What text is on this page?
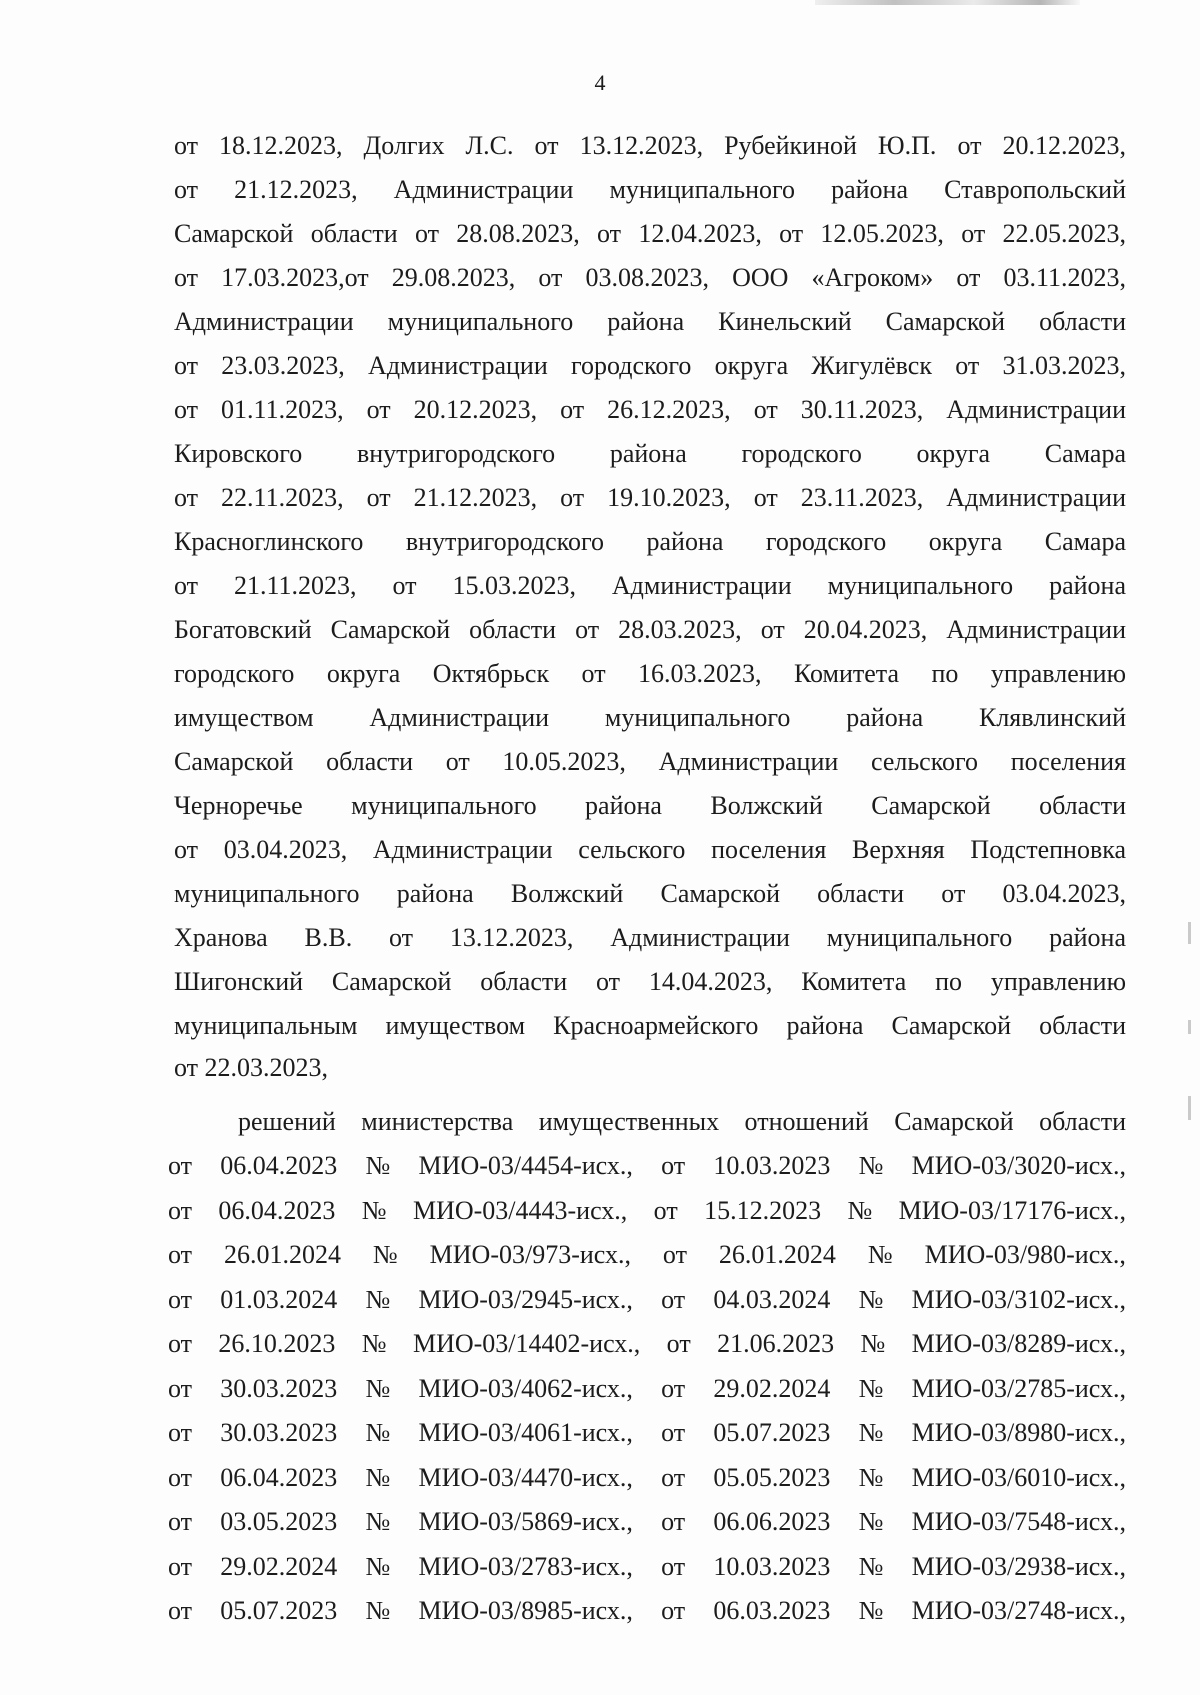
4
от 18.12.2023, Долгих Л.С. от 13.12.2023, Рубейкиной Ю.П. от 20.12.2023,
от 21.12.2023, Администрации муниципального района Ставропольский
Самарской области от 28.08.2023, от 12.04.2023, от 12.05.2023, от 22.05.2023,
от 17.03.2023,от 29.08.2023, от 03.08.2023, ООО «Агроком» от 03.11.2023,
Администрации муниципального района Кинельский Самарской области
от 23.03.2023, Администрации городского округа Жигулёвск от 31.03.2023,
от 01.11.2023, от 20.12.2023, от 26.12.2023, от 30.11.2023, Администрации
Кировского внутригородского района городского округа Самара
от 22.11.2023, от 21.12.2023, от 19.10.2023, от 23.11.2023, Администрации
Красноглинского внутригородского района городского округа Самара
от 21.11.2023, от 15.03.2023, Администрации муниципального района
Богатовский Самарской области от 28.03.2023, от 20.04.2023, Администрации
городского округа Октябрьск от 16.03.2023, Комитета по управлению
имуществом Администрации муниципального района Клявлинский
Самарской области от 10.05.2023, Администрации сельского поселения
Черноречье муниципального района Волжский Самарской области
от 03.04.2023, Администрации сельского поселения Верхняя Подстепновка
муниципального района Волжский Самарской области от 03.04.2023,
Хранова В.В. от 13.12.2023, Администрации муниципального района
Шигонский Самарской области от 14.04.2023, Комитета по управлению
муниципальным имуществом Красноармейского района Самарской области
от 22.03.2023,
решений министерства имущественных отношений Самарской области
от 06.04.2023 № МИО-03/4454-исх., от 10.03.2023 № МИО-03/3020-исх.,
от 06.04.2023 № МИО-03/4443-исх., от 15.12.2023 № МИО-03/17176-исх.,
от 26.01.2024 № МИО-03/973-исх., от 26.01.2024 № МИО-03/980-исх.,
от 01.03.2024 № МИО-03/2945-исх., от 04.03.2024 № МИО-03/3102-исх.,
от 26.10.2023 № МИО-03/14402-исх., от 21.06.2023 № МИО-03/8289-исх.,
от 30.03.2023 № МИО-03/4062-исх., от 29.02.2024 № МИО-03/2785-исх.,
от 30.03.2023 № МИО-03/4061-исх., от 05.07.2023 № МИО-03/8980-исх.,
от 06.04.2023 № МИО-03/4470-исх., от 05.05.2023 № МИО-03/6010-исх.,
от 03.05.2023 № МИО-03/5869-исх., от 06.06.2023 № МИО-03/7548-исх.,
от 29.02.2024 № МИО-03/2783-исх., от 10.03.2023 № МИО-03/2938-исх.,
от 05.07.2023 № МИО-03/8985-исх., от 06.03.2023 № МИО-03/2748-исх.,
